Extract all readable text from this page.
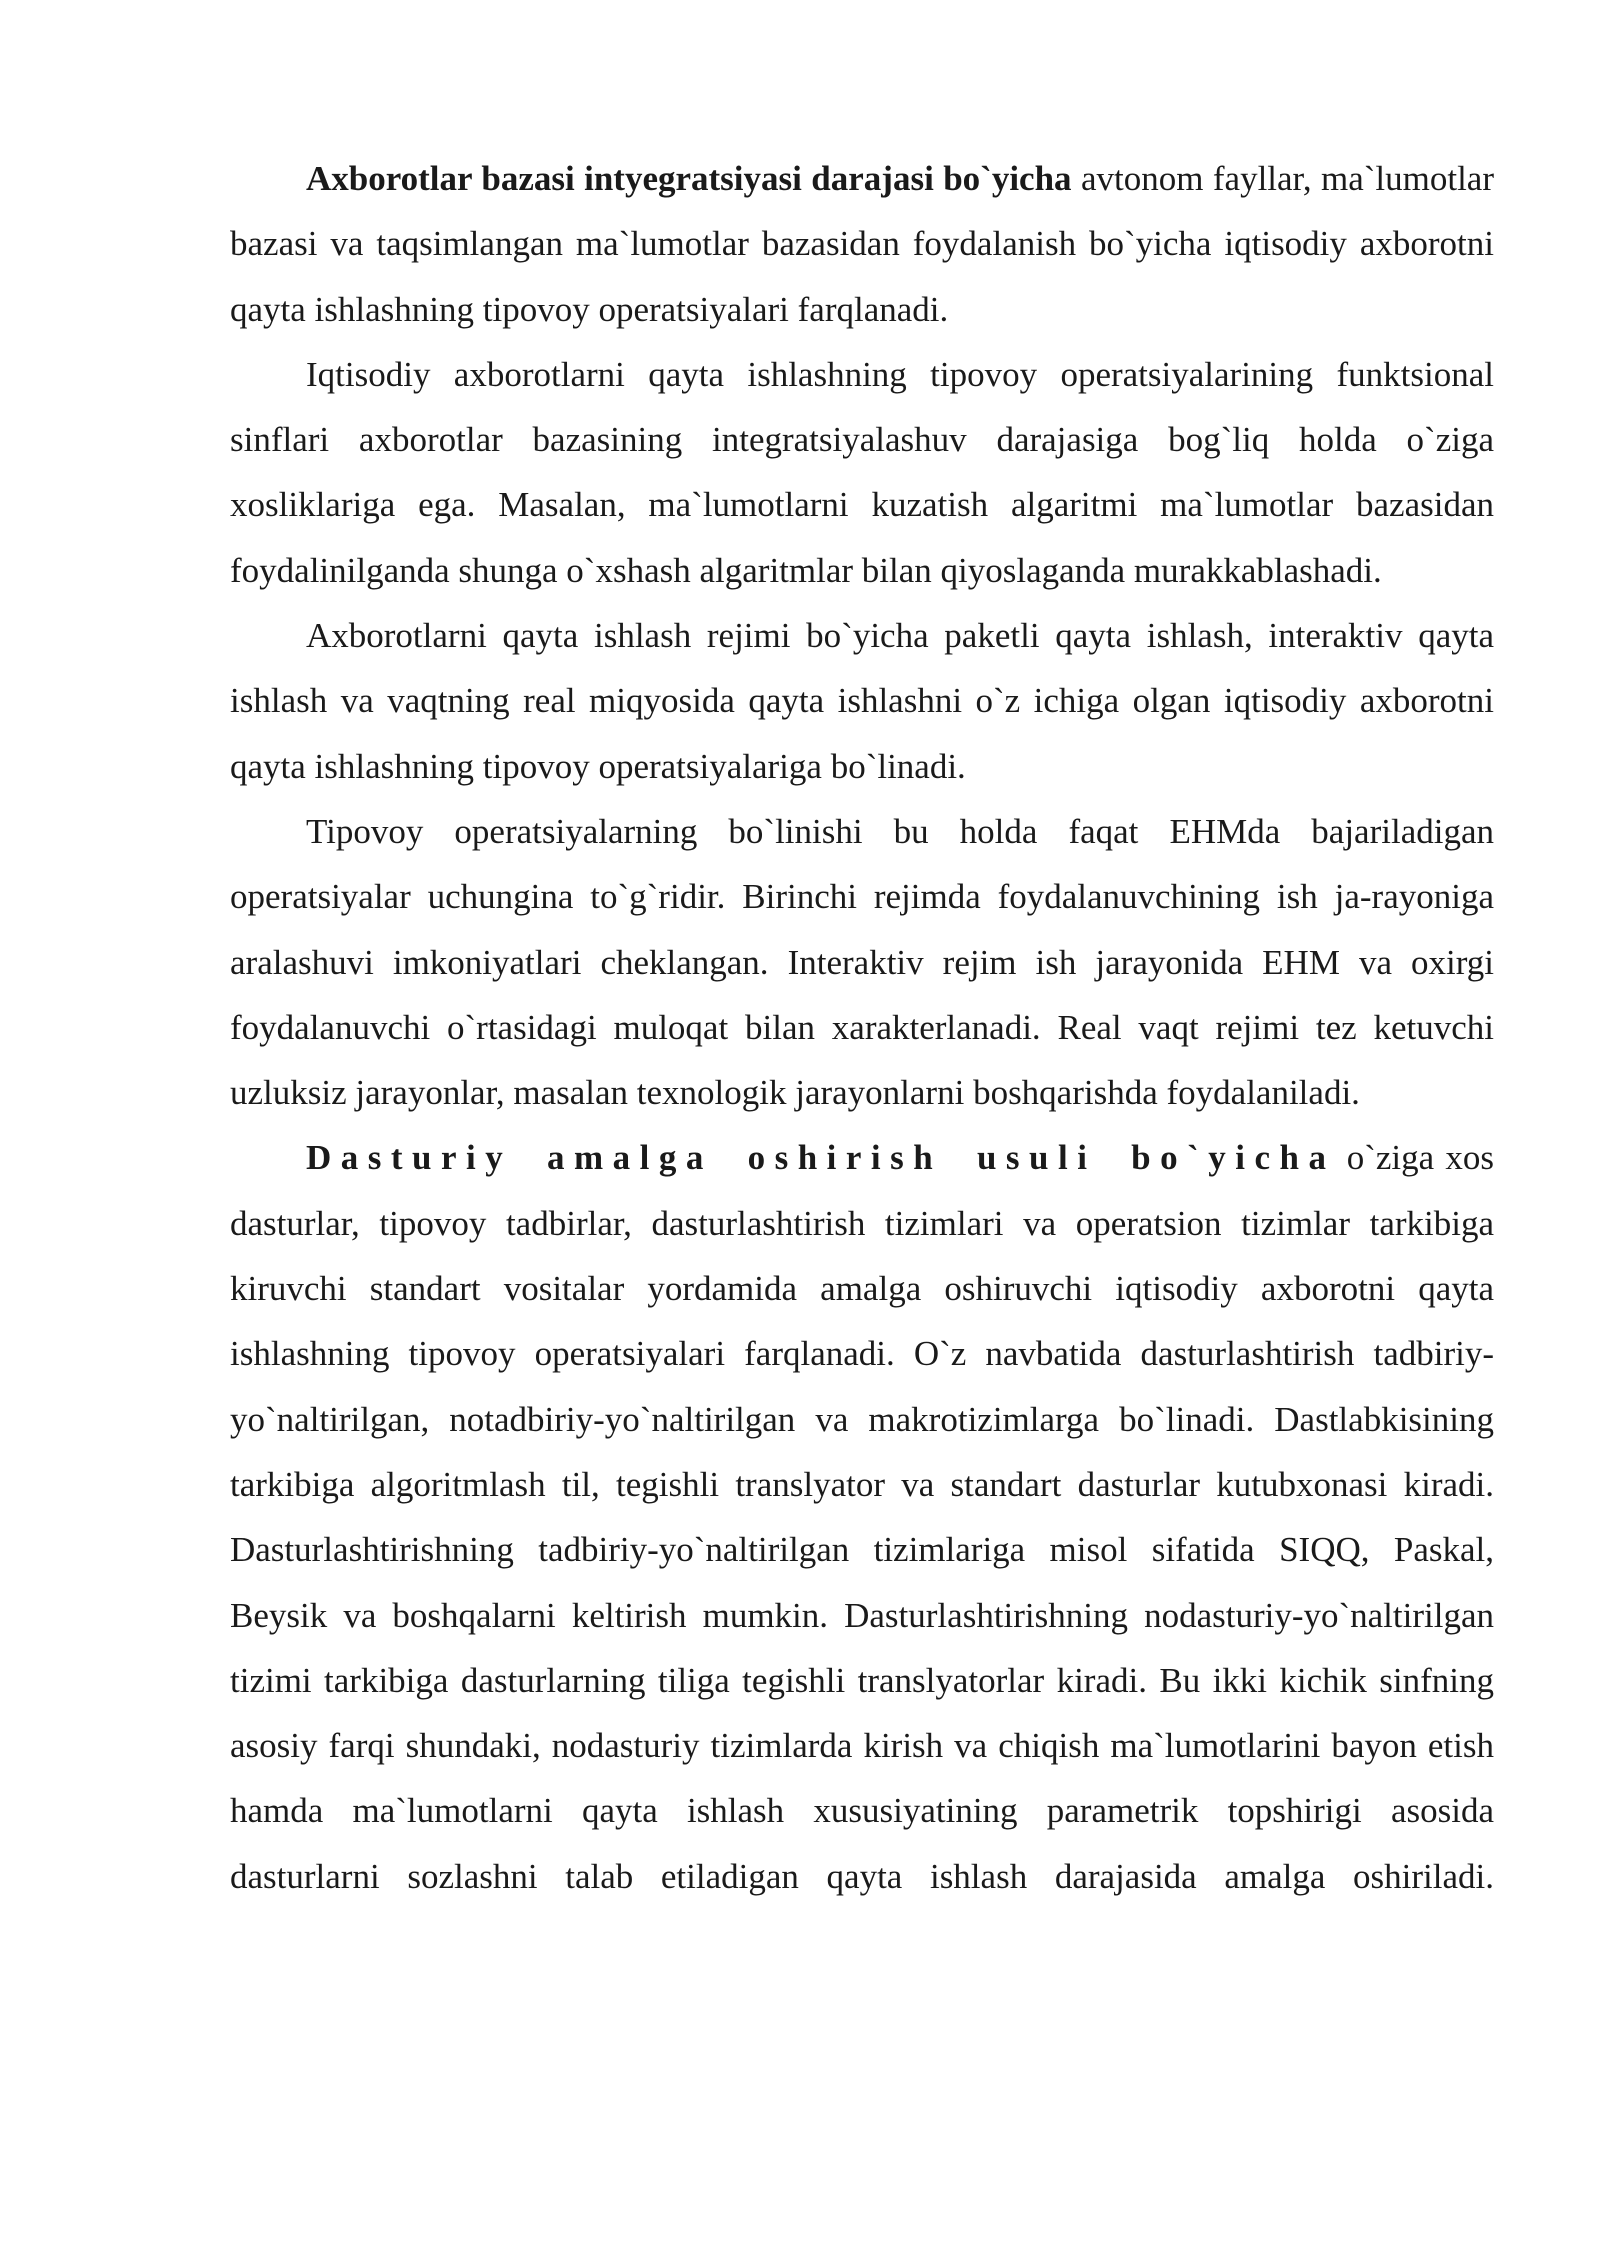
Axborotlar bazasi intyegratsiyasi darajasi bo`yicha avtonom fayllar, ma`lumotlar bazasi va taqsimlangan ma`lumotlar bazasidan foydalanish bo`yicha iqtisodiy axborotni qayta ishlashning tipovoy operatsiyalari farqlanadi.

Iqtisodiy axborotlarni qayta ishlashning tipovoy operatsiyalarining funktsional sinflari axborotlar bazasining integratsiyalashuv darajasiga bog`liq holda o`ziga xosliklariga ega. Masalan, ma`lumotlarni kuzatish algaritmi ma`lumotlar bazasidan foydalinilganda shunga o`xshash algaritmlar bilan qiyoslaganda murakkablashadi.

Axborotlarni qayta ishlash rejimi bo`yicha paketli qayta ishlash, interaktiv qayta ishlash va vaqtning real miqyosida qayta ishlashni o`z ichiga olgan iqtisodiy axborotni qayta ishlashning tipovoy operatsiyalariga bo`linadi.

Tipovoy operatsiyalarning bo`linishi bu holda faqat EHMda bajariladigan operatsiyalar uchungina to`g`ridir. Birinchi rejimda foydalanuvchining ish ja-rayoniga aralashuvi imkoniyatlari cheklangan. Interaktiv rejim ish jarayonida EHM va oxirgi foydalanuvchi o`rtasidagi muloqat bilan xarakterlanadi. Real vaqt rejimi tez ketuvchi uzluksiz jarayonlar, masalan texnologik jarayonlarni boshqarishda foydalaniladi.

Dasturiy amalga oshirish usuli bo`yicha o`ziga xos dasturlar, tipovoy tadbirlar, dasturlashtirish tizimlari va operatsion tizimlar tarkibiga kiruvchi standart vositalar yordamida amalga oshiruvchi iqtisodiy axborotni qayta ishlashning tipovoy operatsiyalari farqlanadi. O`z navbatida dasturlashtirish tadbiriy-yo`naltirilgan, notadbiriy-yo`naltirilgan va makrotizimlarga bo`linadi. Dastlabkisining tarkibiga algoritmlash til, tegishli translyator va standart dasturlar kutubxonasi kiradi. Dasturlashtirishning tadbiriy-yo`naltirilgan tizimlariga misol sifatida SIQQ, Paskal, Beysik va boshqalarni keltirish mumkin. Dasturlashtirishning nodasturiy-yo`naltirilgan tizimi tarkibiga dasturlarning tiliga tegishli translyatorlar kiradi. Bu ikki kichik sinfning asosiy farqi shundaki, nodasturiy tizimlarda kirish va chiqish ma`lumotlarini bayon etish hamda ma`lumotlarni qayta ishlash xususiyatining parametrik topshirigi asosida dasturlarni sozlashni talab etiladigan qayta ishlash darajasida amalga oshiriladi.
